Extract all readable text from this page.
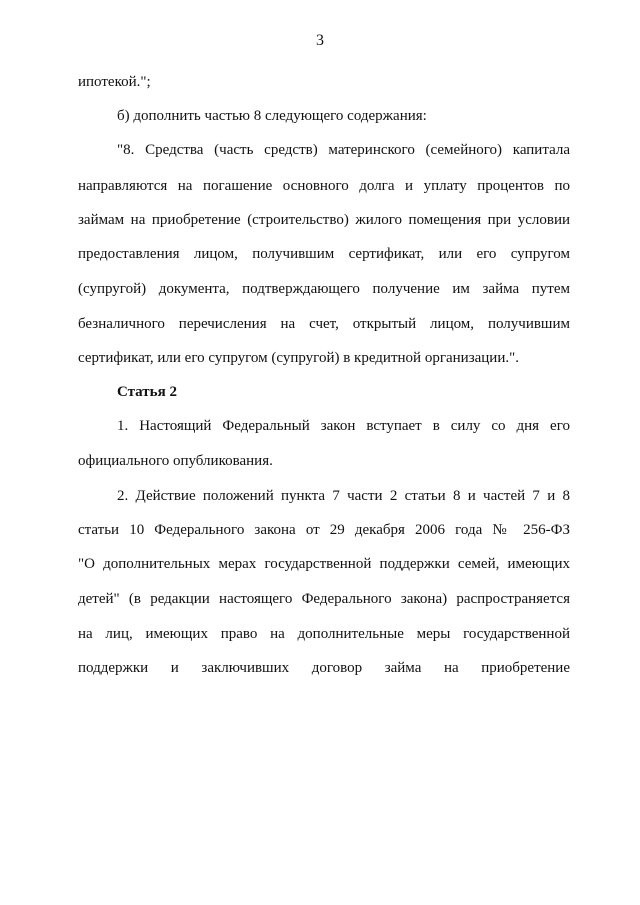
3
ипотекой.";
б) дополнить частью 8 следующего содержания:
"8. Средства (часть средств) материнского (семейного) капитала
направляются на погашение основного долга и уплату процентов по
займам на приобретение (строительство) жилого помещения при условии
предоставления лицом, получившим сертификат, или его супругом
(супругой) документа, подтверждающего получение им займа путем
безналичного перечисления на счет, открытый лицом, получившим
сертификат, или его супругом (супругой) в кредитной организации.".
Статья 2
1. Настоящий Федеральный закон вступает в силу со дня его
официального опубликования.
2. Действие положений пункта 7 части 2 статьи 8 и частей 7 и 8
статьи 10 Федерального закона от 29 декабря 2006 года № 256-ФЗ
"О дополнительных мерах государственной поддержки семей, имеющих
детей" (в редакции настоящего Федерального закона) распространяется
на лиц, имеющих право на дополнительные меры государственной
поддержки и заключивших договор займа на приобретение
